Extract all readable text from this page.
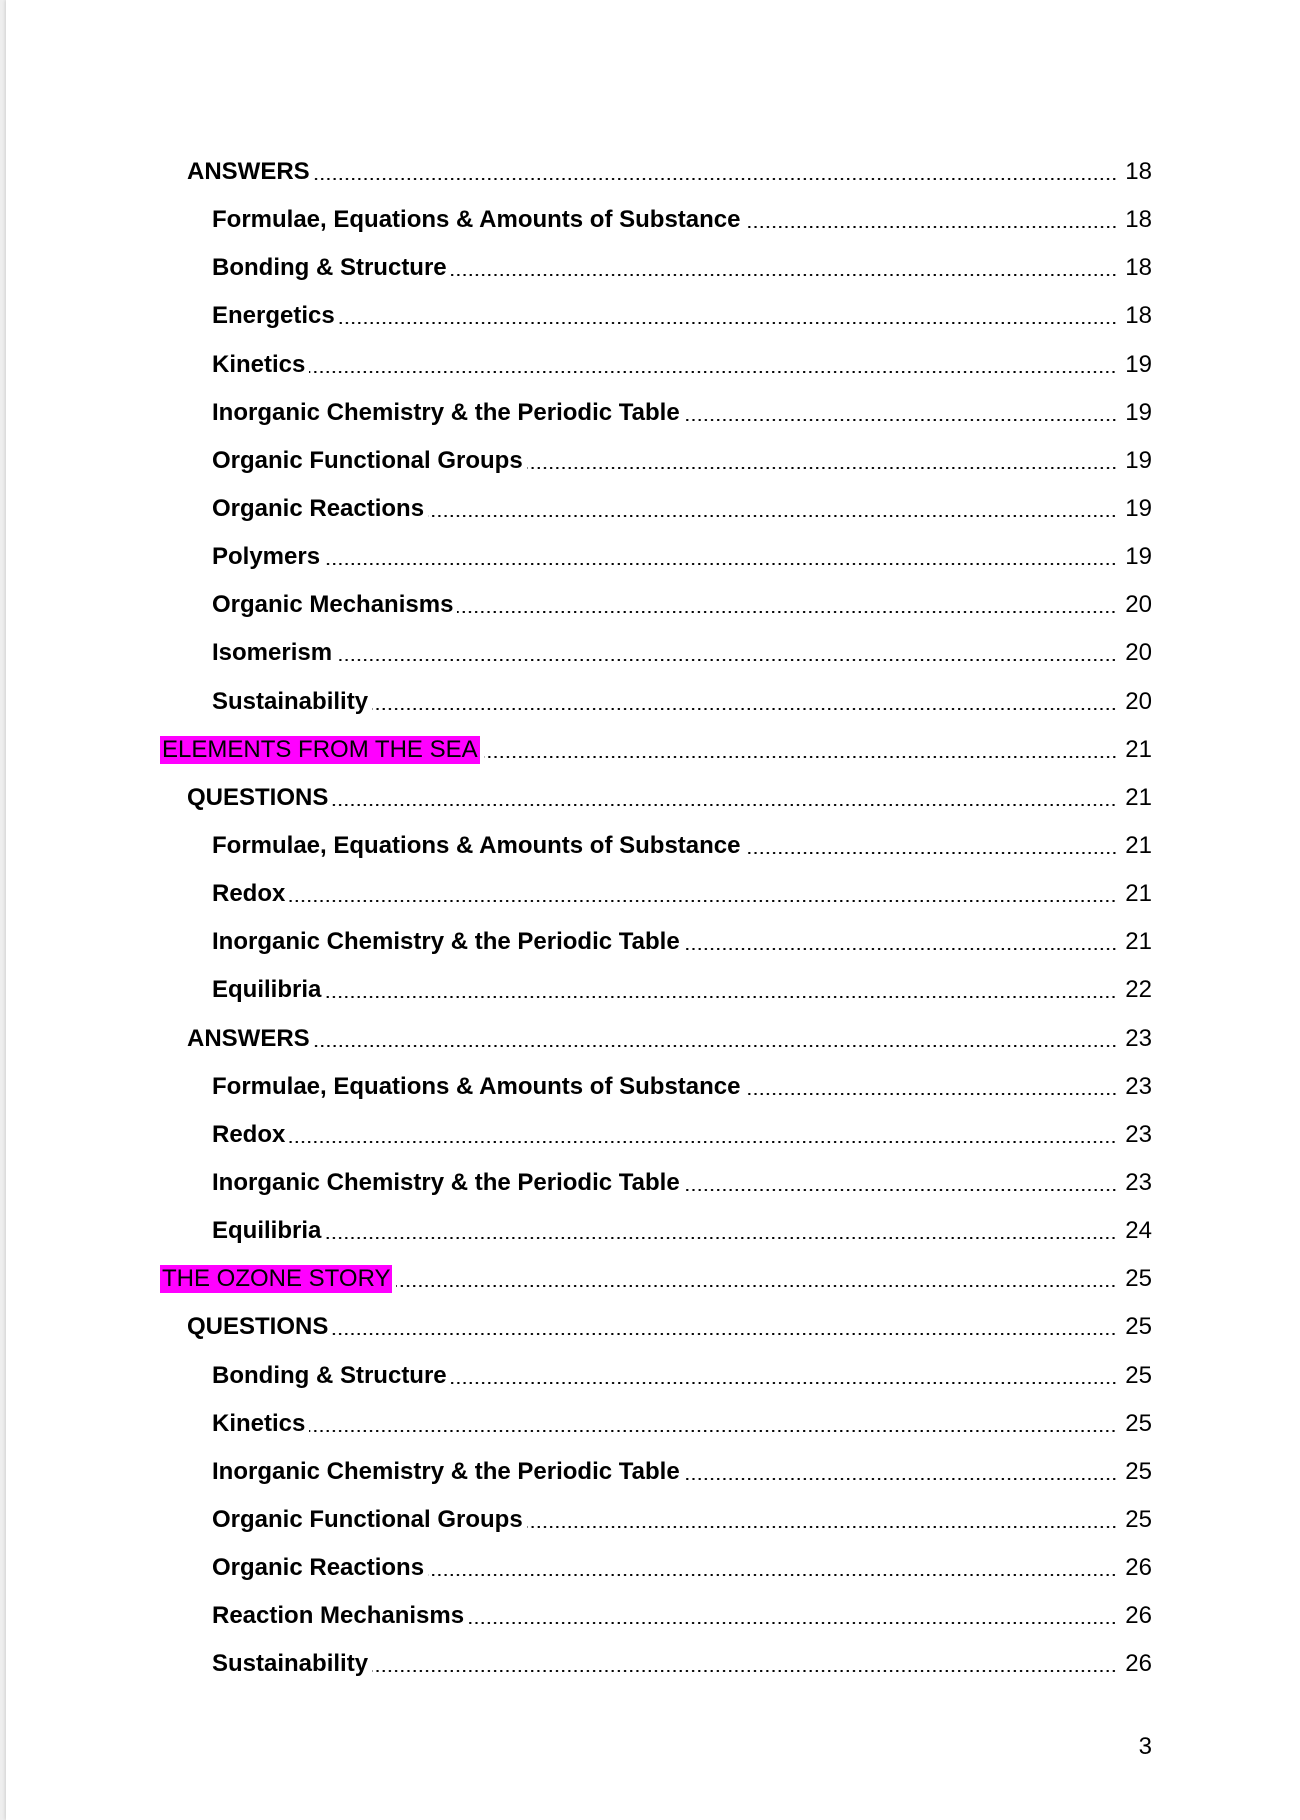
ANSWERS	18
Formulae, Equations & Amounts of Substance	18
Bonding & Structure	18
Energetics	18
Kinetics	19
Inorganic Chemistry & the Periodic Table	19
Organic Functional Groups	19
Organic Reactions	19
Polymers	19
Organic Mechanisms	20
Isomerism	20
Sustainability	20
ELEMENTS FROM THE SEA	21
QUESTIONS	21
Formulae, Equations & Amounts of Substance	21
Redox	21
Inorganic Chemistry & the Periodic Table	21
Equilibria	22
ANSWERS	23
Formulae, Equations & Amounts of Substance	23
Redox	23
Inorganic Chemistry & the Periodic Table	23
Equilibria	24
THE OZONE STORY	25
QUESTIONS	25
Bonding & Structure	25
Kinetics	25
Inorganic Chemistry & the Periodic Table	25
Organic Functional Groups	25
Organic Reactions	26
Reaction Mechanisms	26
Sustainability	26
3
